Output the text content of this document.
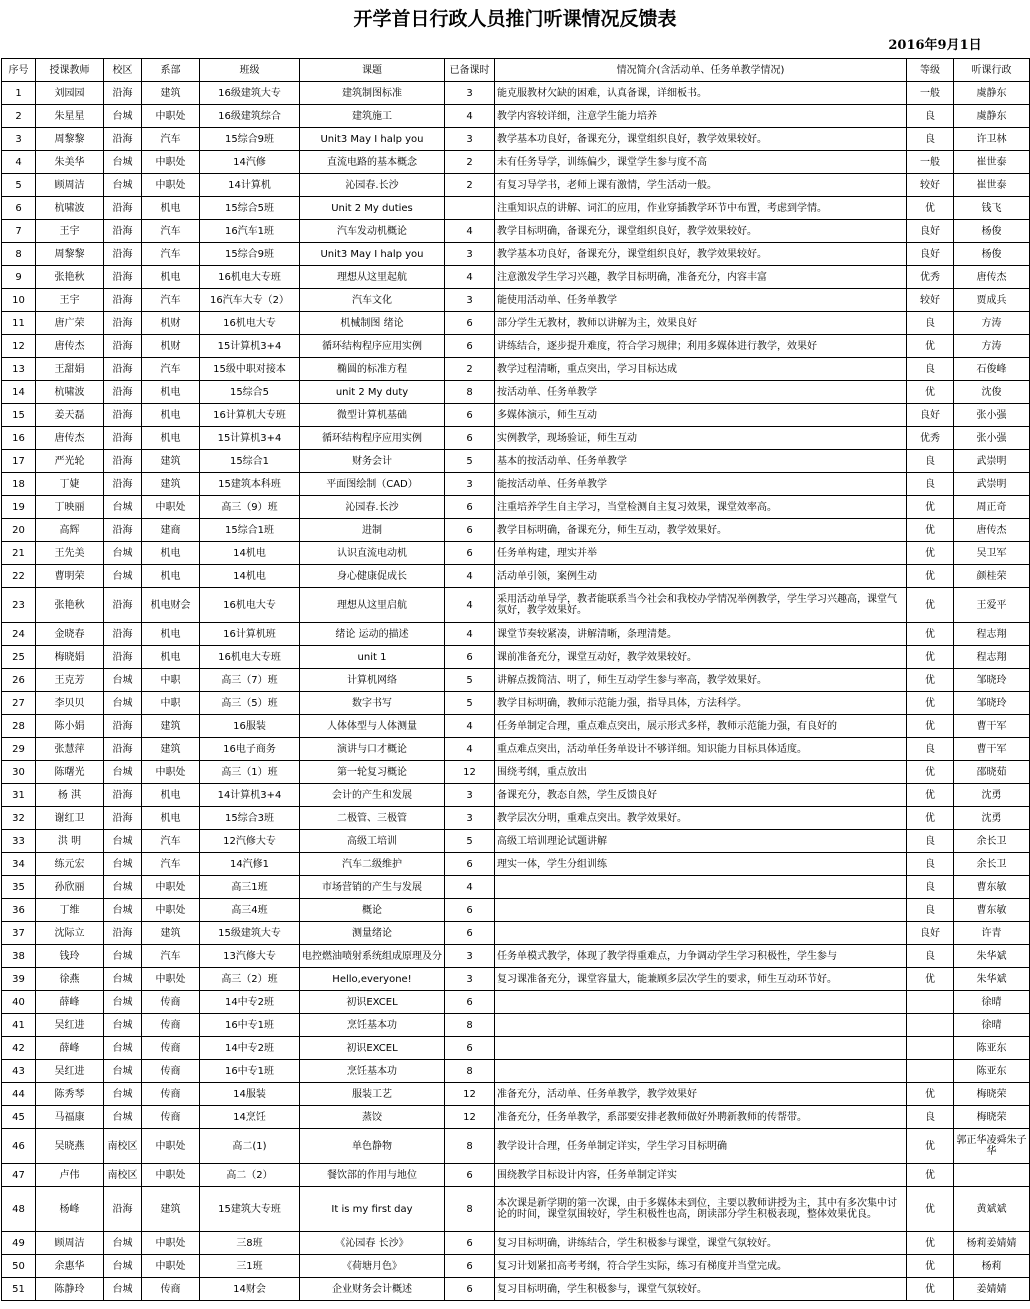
开学首日行政人员推门听课情况反馈表
2016年9月1日
序号	授课教师	校区	系部	班级	课题	已备课时	情况简介(含活动单、任务单教学情况)	等级	听课行政
1	刘园园	沿海	建筑	16级建筑大专	建筑制图标准	3	能克服教材欠缺的困难，认真备课，详细板书。	一般	虞静东
2	朱星星	台城	中职处	16级建筑综合	建筑施工	4	教学内容较详细，注意学生能力培养	良	虞静东
3	周黎黎	沿海	汽车	15综合9班	Unit3 May I halp you	3	教学基本功良好，备课充分，课堂组织良好，教学效果较好。	良	许卫林
4	朱美华	台城	中职处	14汽修	直流电路的基本概念	2	未有任务导学，训练偏少，课堂学生参与度不高	一般	崔世泰
5	顾周洁	台城	中职处	14计算机	沁园春.长沙	2	有复习导学书，老师上课有激情，学生活动一般。	较好	崔世泰
6	杭啸波	沿海	机电	15综合5班	Unit 2 My duties		注重知识点的讲解、词汇的应用，作业穿插教学环节中布置，考虑到学情。	优	钱飞
7	王宇	沿海	汽车	16汽车1班	汽车发动机概论	4	教学目标明确，备课充分，课堂组织良好，教学效果较好。	良好	杨俊
8	周黎黎	沿海	汽车	15综合9班	Unit3 May I halp you	3	教学基本功良好，备课充分，课堂组织良好，教学效果较好。	良好	杨俊
9	张艳秋	沿海	机电	16机电大专班	理想从这里起航	4	注意激发学生学习兴趣，教学目标明确，准备充分，内容丰富	优秀	唐传杰
10	王宇	沿海	汽车	16汽车大专（2）	汽车文化	3	能使用活动单、任务单教学	较好	贾成兵
11	唐广荣	沿海	机财	16机电大专	机械制图 绪论	6	部分学生无教材，教师以讲解为主，效果良好	良	方涛
12	唐传杰	沿海	机财	15计算机3+4	循环结构程序应用实例	6	讲练结合，逐步提升难度，符合学习规律；利用多媒体进行教学，效果好	优	方涛
13	王甜娟	沿海	汽车	15级中职对接本	椭圆的标准方程	2	教学过程清晰，重点突出，学习目标达成	良	石俊峰
14	杭啸波	沿海	机电	15综合5	unit 2 My duty	8	按活动单、任务单教学	优	沈俊
15	姜天磊	沿海	机电	16计算机大专班	微型计算机基础	6	多媒体演示，师生互动	良好	张小强
16	唐传杰	沿海	机电	15计算机3+4	循环结构程序应用实例	6	实例教学，现场验证，师生互动	优秀	张小强
17	严光轮	沿海	建筑	15综合1	财务会计	5	基本的按活动单、任务单教学	良	武崇明
18	丁婕	沿海	建筑	15建筑本科班	平面图绘制（CAD）	3	能按活动单、任务单教学	良	武崇明
19	丁映丽	台城	中职处	高三（9）班	沁园春.长沙	6	注重培养学生自主学习，当堂检测自主复习效果，课堂效率高。	优	周正奇
20	高辉	沿海	建商	15综合1班	进制	6	教学目标明确，备课充分，师生互动，教学效果好。	优	唐传杰
21	王先美	台城	机电	14机电	认识直流电动机	6	任务单构建，理实并举	优	吴卫军
22	曹明荣	台城	机电	14机电	身心健康促成长	4	活动单引领，案例生动	优	颜桂荣
23	张艳秋	沿海	机电财会	16机电大专	理想从这里启航	4	采用活动单导学，教者能联系当今社会和我校办学情况举例教学，学生学习兴趣高，课堂气氛好，教学效果好。	优	王爱平
24	金晓春	沿海	机电	16计算机班	绪论 运动的描述	4	课堂节奏较紧凑，讲解清晰，条理清楚。	优	程志翔
25	梅晓娟	沿海	机电	16机电大专班	unit 1	6	课前准备充分，课堂互动好，教学效果较好。	优	程志翔
26	王克芳	台城	中职	高三（7）班	计算机网络	5	讲解点拨简洁、明了，师生互动学生参与率高，教学效果好。	优	邹晓玲
27	李贝贝	台城	中职	高三（5）班	数字书写	5	教学目标明确，教师示范能力强，指导具体，方法科学。	优	邹晓玲
28	陈小娟	沿海	建筑	16服装	人体体型与人体测量	4	任务单制定合理，重点难点突出，展示形式多样，教师示范能力强，有良好的	优	曹干军
29	张慧萍	沿海	建筑	16电子商务	演讲与口才概论	4	重点难点突出，活动单任务单设计不够详细。知识能力目标具体适度。	良	曹干军
30	陈曙光	台城	中职处	高三（1）班	第一轮复习概论	12	围绕考纲，重点放出	优	邵晓茹
31	杨 淇	沿海	机电	14计算机3+4	会计的产生和发展	3	备课充分，教态自然，学生反馈良好	优	沈勇
32	谢红卫	沿海	机电	15综合3班	二极管、三极管	3	教学层次分明，重难点突出。教学效果好。	优	沈勇
33	洪 明	台城	汽车	12汽修大专	高级工培训	5	高级工培训理论试题讲解	良	余长卫
34	练元宏	台城	汽车	14汽修1	汽车二级维护	6	理实一体，学生分组训练	良	余长卫
35	孙欣丽	台城	中职处	高三1班	市场营销的产生与发展	4		良	曹东敏
36	丁维	台城	中职处	高三4班	概论	6		良	曹东敏
37	沈际立	沿海	建筑	15级建筑大专	测量绪论	6		良好	许青
38	钱玲	台城	汽车	13汽修大专	电控燃油喷射系统组成原理及分	3	任务单模式教学，体现了教学得重难点，力争调动学生学习积极性，学生参与	良	朱华斌
39	徐燕	台城	中职处	高三（2）班	Hello,everyone!	3	复习课准备充分，课堂容量大，能兼顾多层次学生的要求，师生互动环节好。	优	朱华斌
40	薛峰	台城	传商	14中专2班	初识EXCEL	6			徐晴
41	吴红进	台城	传商	16中专1班	烹饪基本功	8			徐晴
42	薛峰	台城	传商	14中专2班	初识EXCEL	6			陈亚东
43	吴红进	台城	传商	16中专1班	烹饪基本功	8			陈亚东
44	陈秀琴	台城	传商	14服装	服装工艺	12	准备充分，活动单、任务单教学，教学效果好	优	梅晓荣
45	马福康	台城	传商	14烹饪	蒸饺	12	准备充分，任务单教学，系部要安排老教师做好外聘新教师的传帮带。	良	梅晓荣
46	吴晓燕	南校区	中职处	高二(1)	单色静物	8	教学设计合理，任务单制定详实，学生学习目标明确	优	郭正华凌舜朱子华
47	卢伟	南校区	中职处	高二（2）	餐饮部的作用与地位	6	围绕教学目标设计内容，任务单制定详实	优	
48	杨峰	沿海	建筑	15建筑大专班	It is my first day	8	本次课是新学期的第一次课，由于多媒体未到位，主要以教师讲授为主，其中有多次集中讨论的时间，课堂氛围较好，学生积极性也高，朗读部分学生积极表现，整体效果优良。	优	黄斌斌
49	顾周洁	台城	中职处	三8班	《沁园春 长沙》	6	复习目标明确，讲练结合，学生积极参与课堂，课堂气氛较好。	优	杨莉姜婧婧
50	余惠华	台城	中职处	三1班	《荷塘月色》	6	复习计划紧扣高考考纲，符合学生实际，练习有梯度并当堂完成。	优	杨莉
51	陈静玲	台城	传商	14财会	企业财务会计概述	6	复习目标明确，学生积极参与，课堂气氛较好。	优	姜婧婧
